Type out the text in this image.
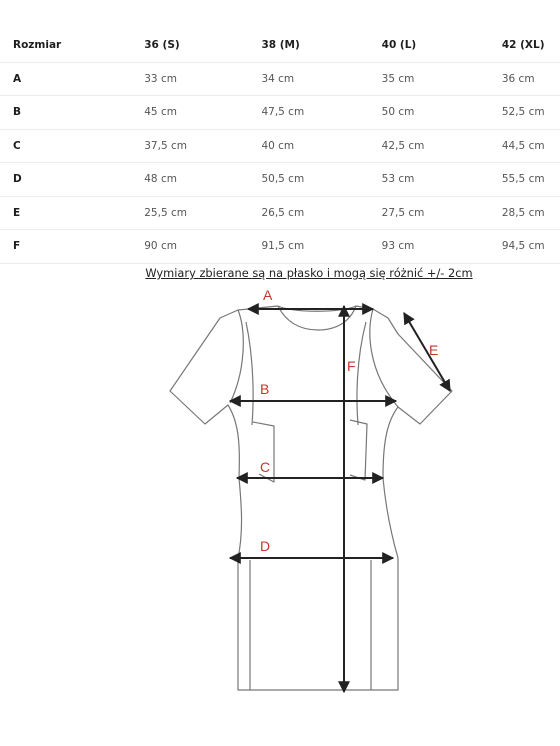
Rozmiar	36 (S)	38 (M)	40 (L)	42 (XL)
A	33 cm	34 cm	35 cm	36 cm
B	45 cm	47,5 cm	50 cm	52,5 cm
C	37,5 cm	40 cm	42,5 cm	44,5 cm
D	48 cm	50,5 cm	53 cm	55,5 cm
E	25,5 cm	26,5 cm	27,5 cm	28,5 cm
F	90 cm	91,5 cm	93 cm	94,5 cm
Wymiary zbierane są na płasko i mogą się różnić +/- 2cm
A
B
C
D
E
F
